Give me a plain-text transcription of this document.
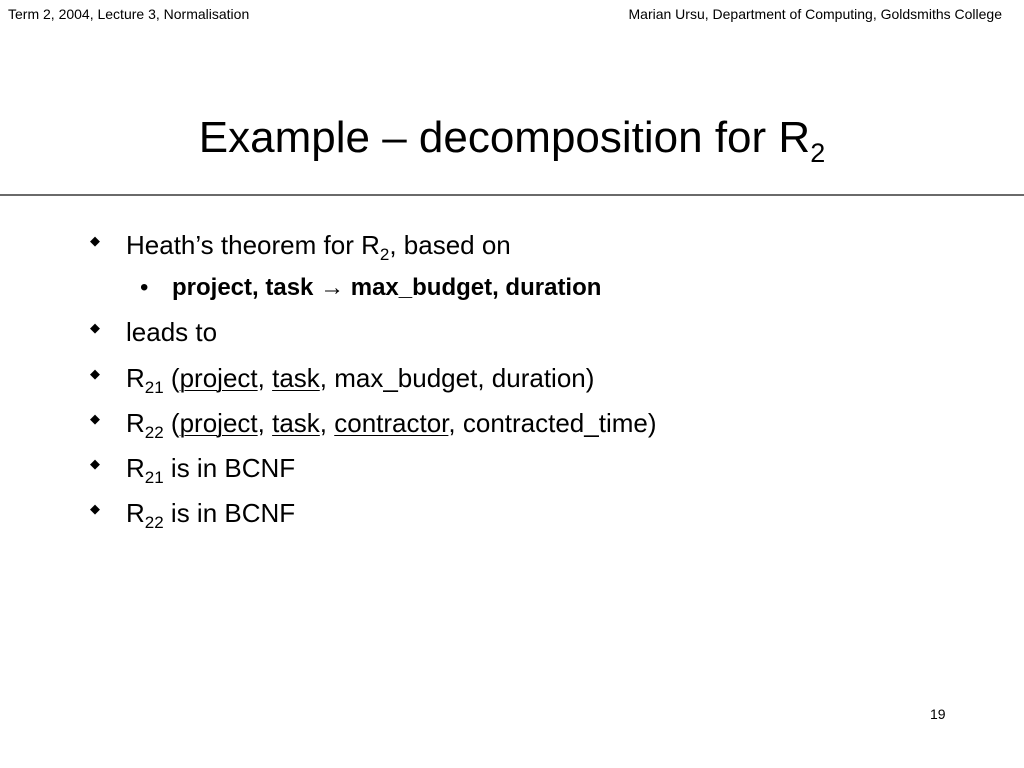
Term 2, 2004, Lecture 3, Normalisation	Marian Ursu, Department of Computing, Goldsmiths College
Example – decomposition for $R_2$
◆ Heath’s theorem for $R_2$, based on
• project, task → max_budget, duration
◆ leads to
◆ $R_{21}$ (project, task, max_budget, duration)
◆ $R_{22}$ (project, task, contractor, contracted_time)
◆ $R_{21}$ is in BCNF
◆ $R_{22}$ is in BCNF
19
